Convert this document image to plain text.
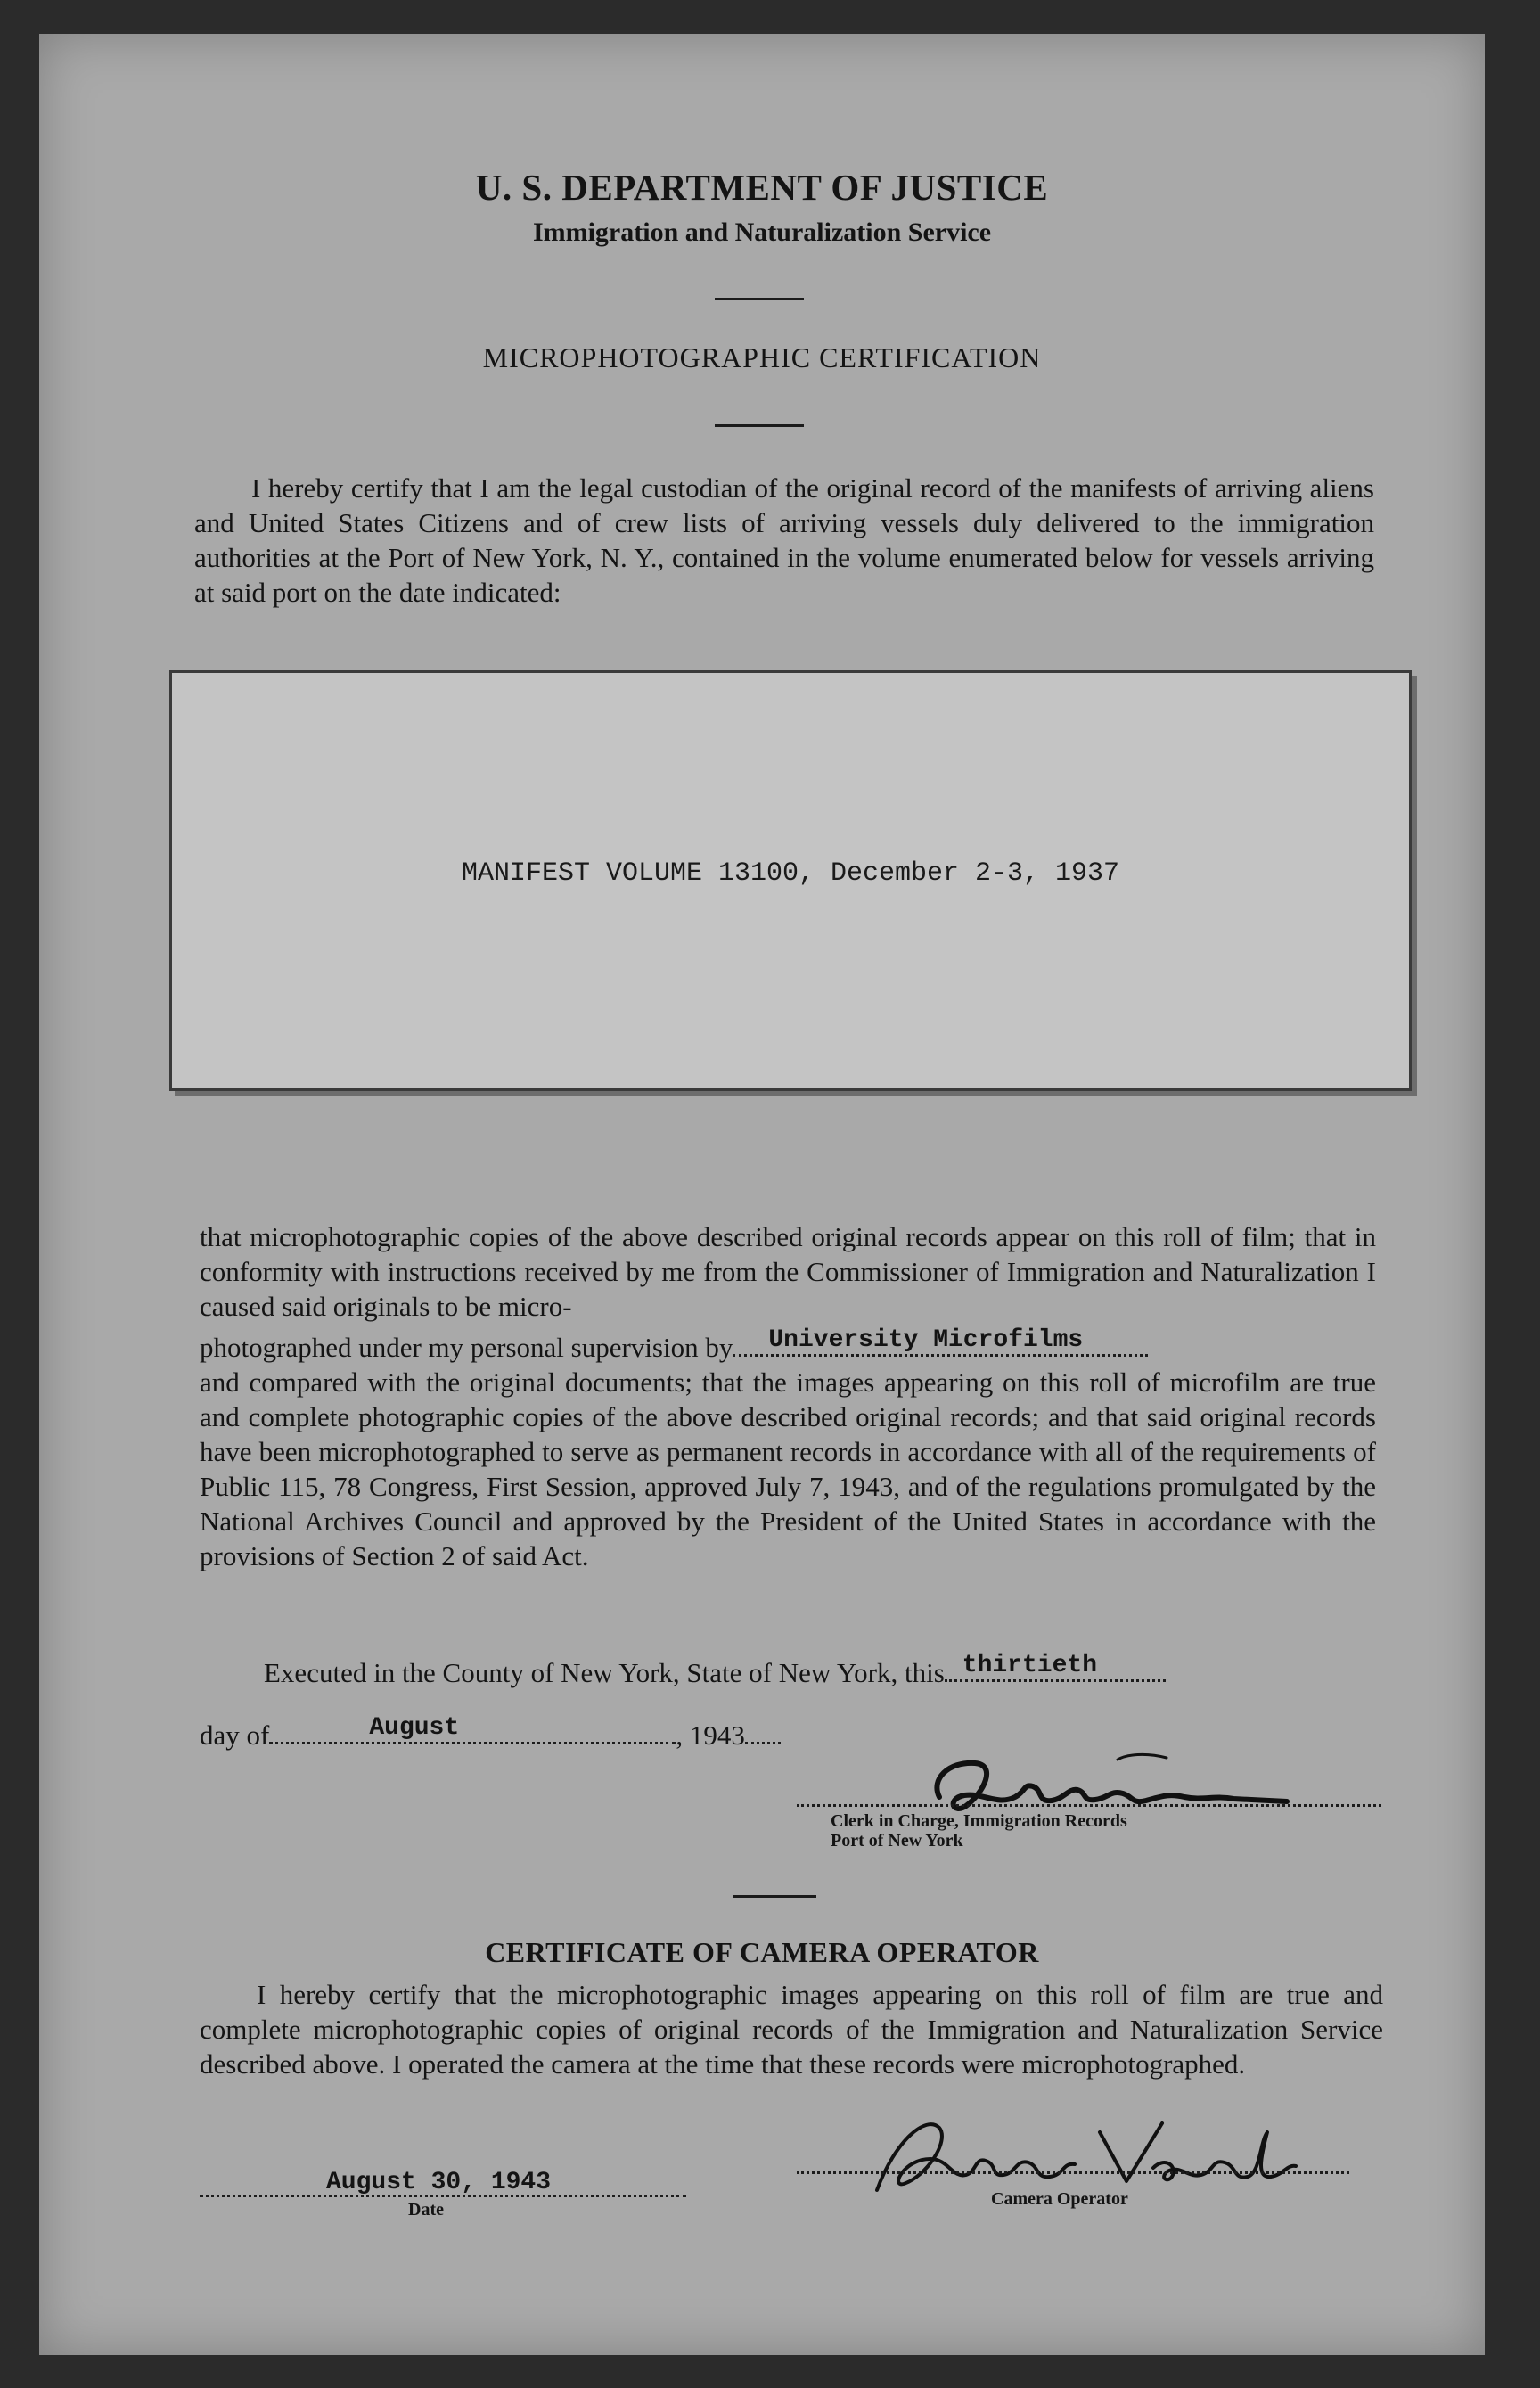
U. S. DEPARTMENT OF JUSTICE
Immigration and Naturalization Service
MICROPHOTOGRAPHIC CERTIFICATION
I hereby certify that I am the legal custodian of the original record of the manifests of arriving aliens and United States Citizens and of crew lists of arriving vessels duly delivered to the immigration authorities at the Port of New York, N. Y., contained in the volume enumerated below for vessels arriving at said port on the date indicated:
MANIFEST VOLUME 13100, December 2-3, 1937
that microphotographic copies of the above described original records appear on this roll of film; that in conformity with instructions received by me from the Commissioner of Immigration and Naturalization I caused said originals to be micro-
photographed under my personal supervision by University Microfilms
and compared with the original documents; that the images appearing on this roll of microfilm are true and complete photographic copies of the above described original records; and that said original records have been microphotographed to serve as permanent records in accordance with all of the requirements of Public 115, 78 Congress, First Session, approved July 7, 1943, and of the regulations promulgated by the National Archives Council and approved by the President of the United States in accordance with the provisions of Section 2 of said Act.
Executed in the County of New York, State of New York, this thirtieth
day of	August	, 1943
Clerk in Charge, Immigration Records
Port of New York
CERTIFICATE OF CAMERA OPERATOR
I hereby certify that the microphotographic images appearing on this roll of film are true and complete microphotographic copies of original records of the Immigration and Naturalization Service described above. I operated the camera at the time that these records were microphotographed.
August 30, 1943
Date
Camera Operator
